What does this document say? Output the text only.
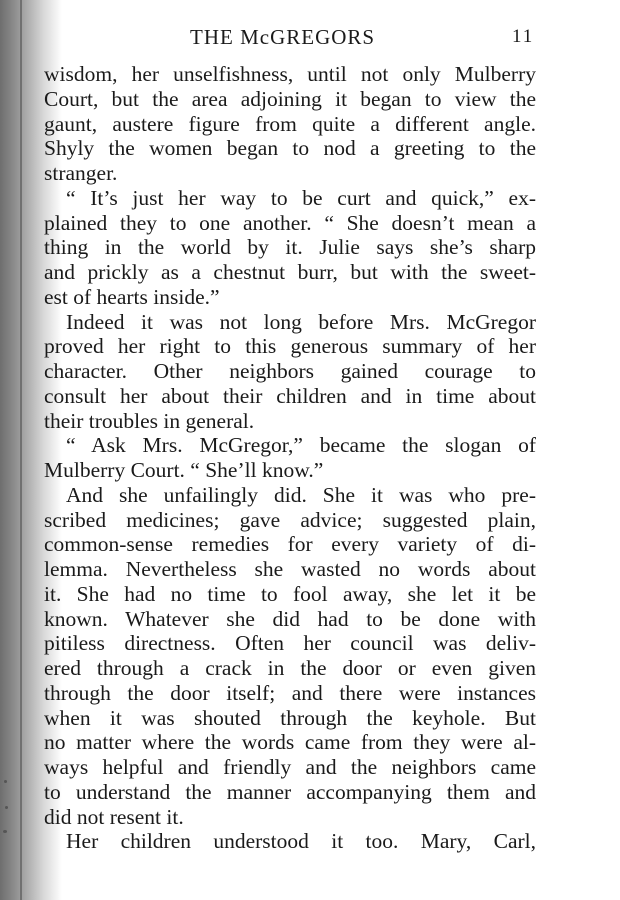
THE McGREGORS	11
wisdom, her unselfishness, until not only Mulberry
Court, but the area adjoining it began to view the
gaunt, austere figure from quite a different angle.
Shyly the women began to nod a greeting to the
stranger.
“ It’s just her way to be curt and quick,” ex-
plained they to one another. “ She doesn’t mean a
thing in the world by it. Julie says she’s sharp
and prickly as a chestnut burr, but with the sweet-
est of hearts inside.”
Indeed it was not long before Mrs. McGregor
proved her right to this generous summary of her
character. Other neighbors gained courage to
consult her about their children and in time about
their troubles in general.
“ Ask Mrs. McGregor,” became the slogan of
Mulberry Court. “ She’ll know.”
And she unfailingly did. She it was who pre-
scribed medicines; gave advice; suggested plain,
common-sense remedies for every variety of di-
lemma. Nevertheless she wasted no words about
it. She had no time to fool away, she let it be
known. Whatever she did had to be done with
pitiless directness. Often her council was deliv-
ered through a crack in the door or even given
through the door itself; and there were instances
when it was shouted through the keyhole. But
no matter where the words came from they were al-
ways helpful and friendly and the neighbors came
to understand the manner accompanying them and
did not resent it.
Her children understood it too. Mary, Carl,
